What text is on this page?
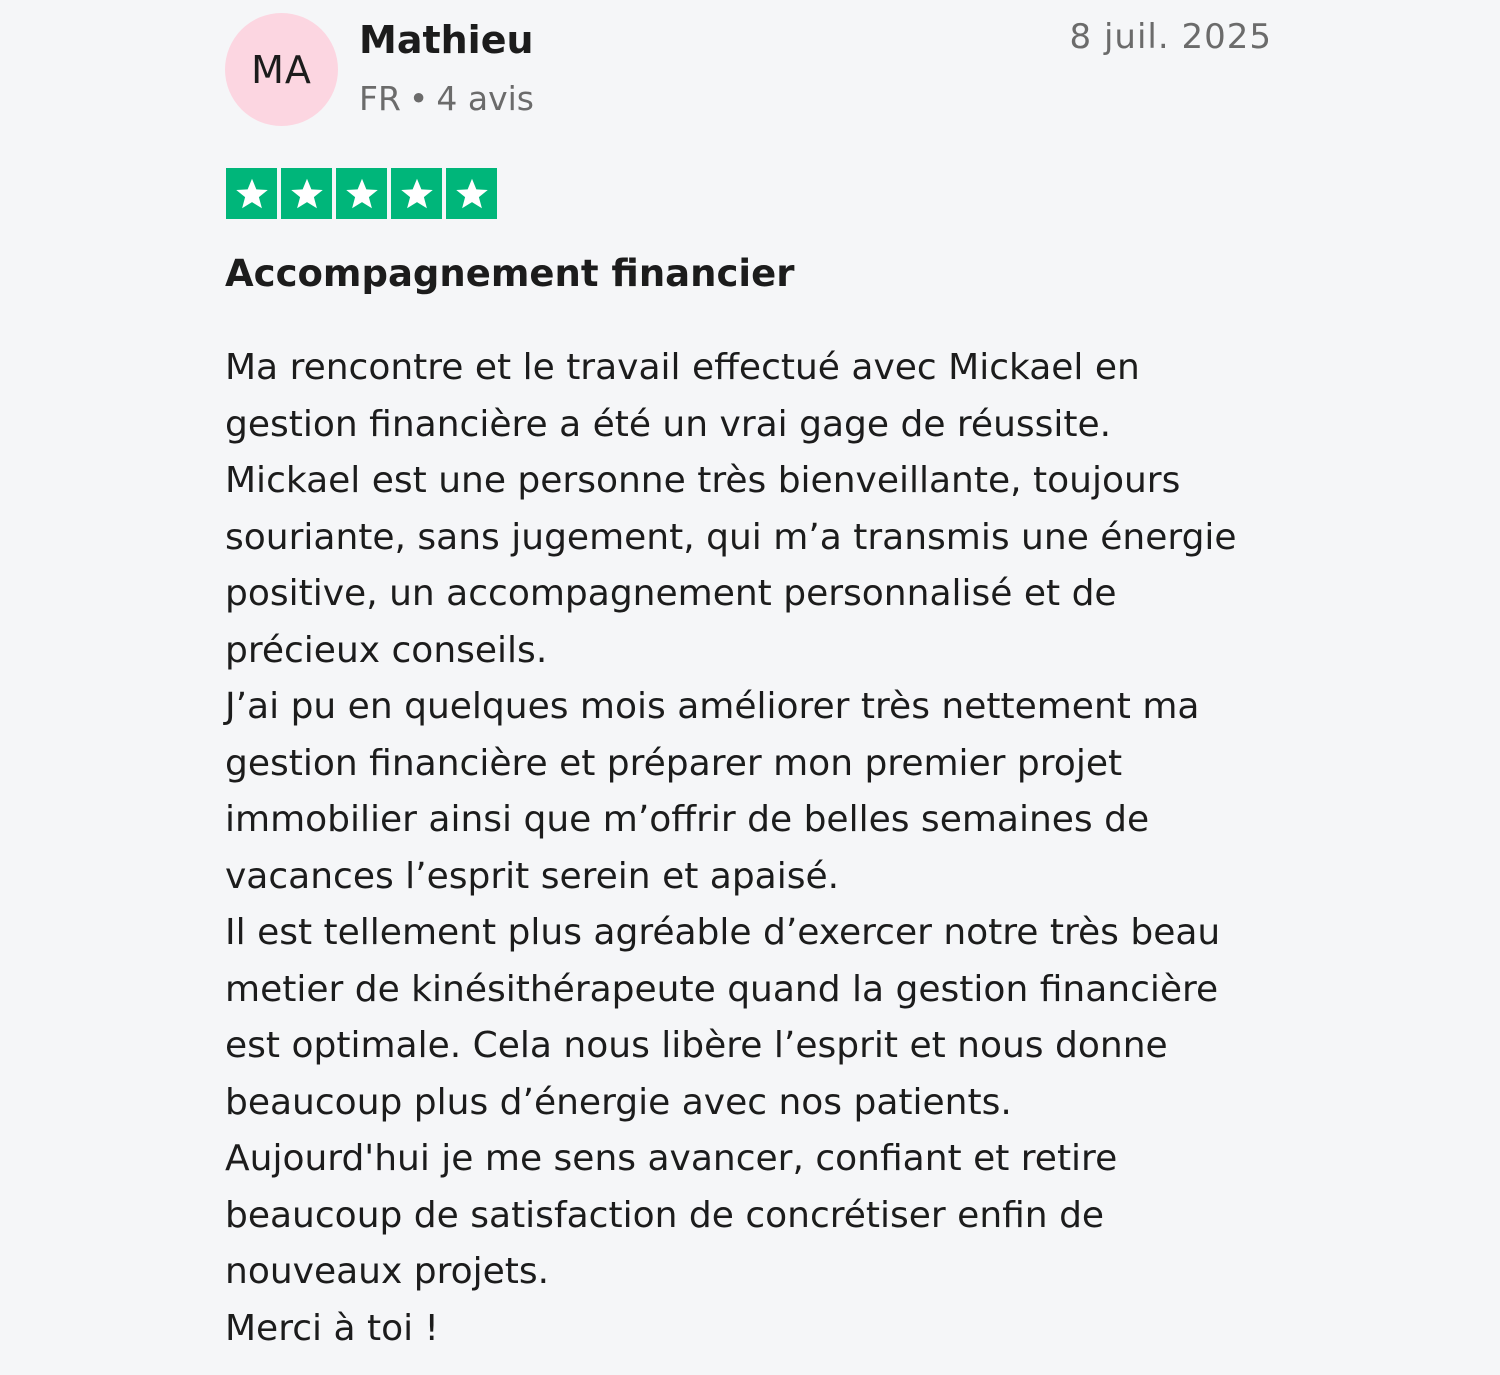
MA
Mathieu
FR • 4 avis
8 juil. 2025
Accompagnement financier
Ma rencontre et le travail effectué avec Mickael en
gestion financière a été un vrai gage de réussite.
Mickael est une personne très bienveillante, toujours
souriante, sans jugement, qui m’a transmis une énergie
positive, un accompagnement personnalisé et de
précieux conseils.
J’ai pu en quelques mois améliorer très nettement ma
gestion financière et préparer mon premier projet
immobilier ainsi que m’offrir de belles semaines de
vacances l’esprit serein et apaisé.
Il est tellement plus agréable d’exercer notre très beau
metier de kinésithérapeute quand la gestion financière
est optimale. Cela nous libère l’esprit et nous donne
beaucoup plus d’énergie avec nos patients.
Aujourd'hui je me sens avancer, confiant et retire
beaucoup de satisfaction de concrétiser enfin de
nouveaux projets.
Merci à toi !
